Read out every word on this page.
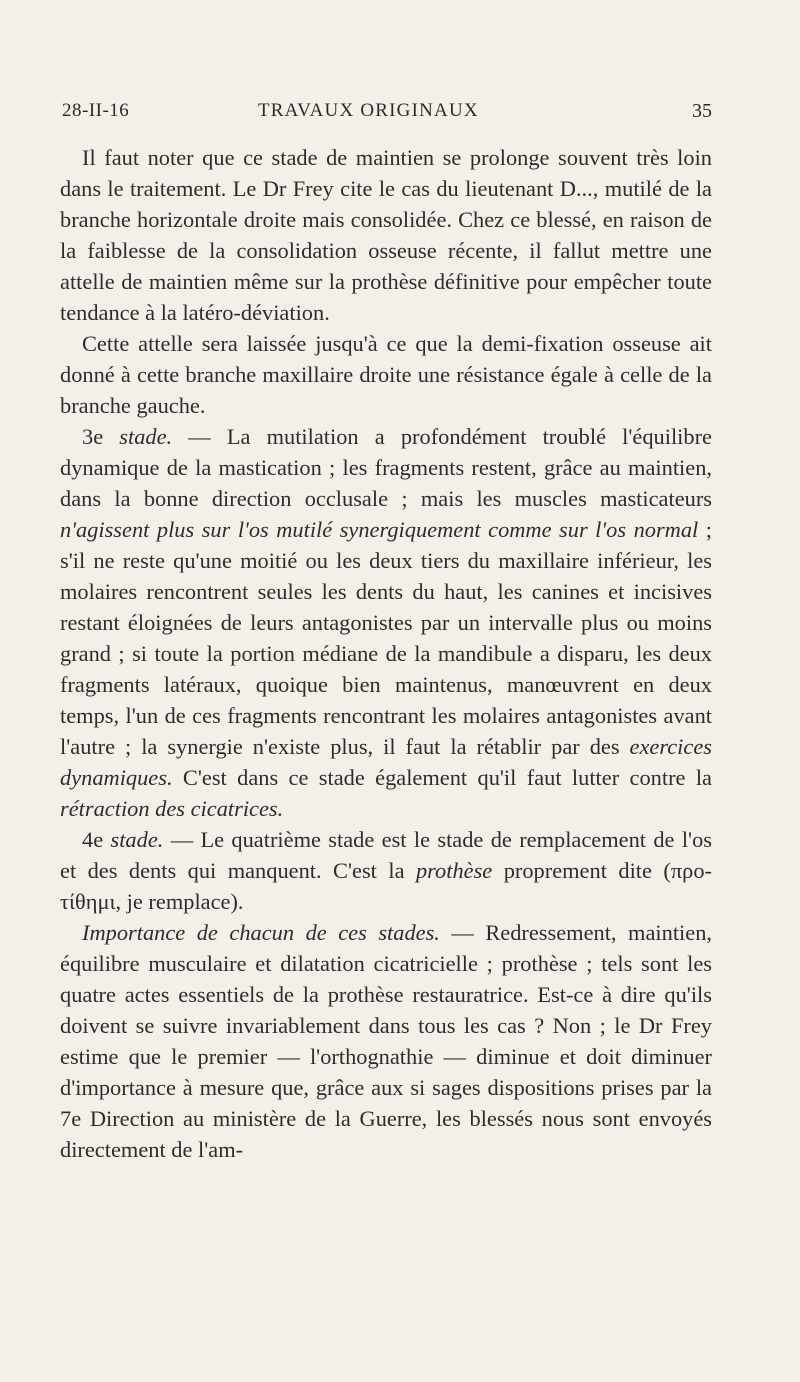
28-II-16	TRAVAUX ORIGINAUX	35

Il faut noter que ce stade de maintien se prolonge souvent très loin dans le traitement. Le Dr Frey cite le cas du lieutenant D..., mutilé de la branche horizontale droite mais consolidée. Chez ce blessé, en raison de la faiblesse de la consolidation osseuse récente, il fallut mettre une attelle de maintien même sur la prothèse définitive pour empêcher toute tendance à la latéro-déviation.

Cette attelle sera laissée jusqu'à ce que la demi-fixation osseuse ait donné à cette branche maxillaire droite une résistance égale à celle de la branche gauche.

3e stade. — La mutilation a profondément troublé l'équilibre dynamique de la mastication ; les fragments restent, grâce au maintien, dans la bonne direction occlusale ; mais les muscles masticateurs n'agissent plus sur l'os mutilé synergiquement comme sur l'os normal ; s'il ne reste qu'une moitié ou les deux tiers du maxillaire inférieur, les molaires rencontrent seules les dents du haut, les canines et incisives restant éloignées de leurs antagonistes par un intervalle plus ou moins grand ; si toute la portion médiane de la mandibule a disparu, les deux fragments latéraux, quoique bien maintenus, manœuvrent en deux temps, l'un de ces fragments rencontrant les molaires antagonistes avant l'autre ; la synergie n'existe plus, il faut la rétablir par des exercices dynamiques. C'est dans ce stade également qu'il faut lutter contre la rétraction des cicatrices.

4e stade. — Le quatrième stade est le stade de remplacement de l'os et des dents qui manquent. C'est la prothèse proprement dite (προ-τίθημι, je remplace).

Importance de chacun de ces stades. — Redressement, maintien, équilibre musculaire et dilatation cicatricielle ; prothèse ; tels sont les quatre actes essentiels de la prothèse restauratrice. Est-ce à dire qu'ils doivent se suivre invariablement dans tous les cas ? Non ; le Dr Frey estime que le premier — l'orthognathie — diminue et doit diminuer d'importance à mesure que, grâce aux si sages dispositions prises par la 7e Direction au ministère de la Guerre, les blessés nous sont envoyés directement de l'am-
